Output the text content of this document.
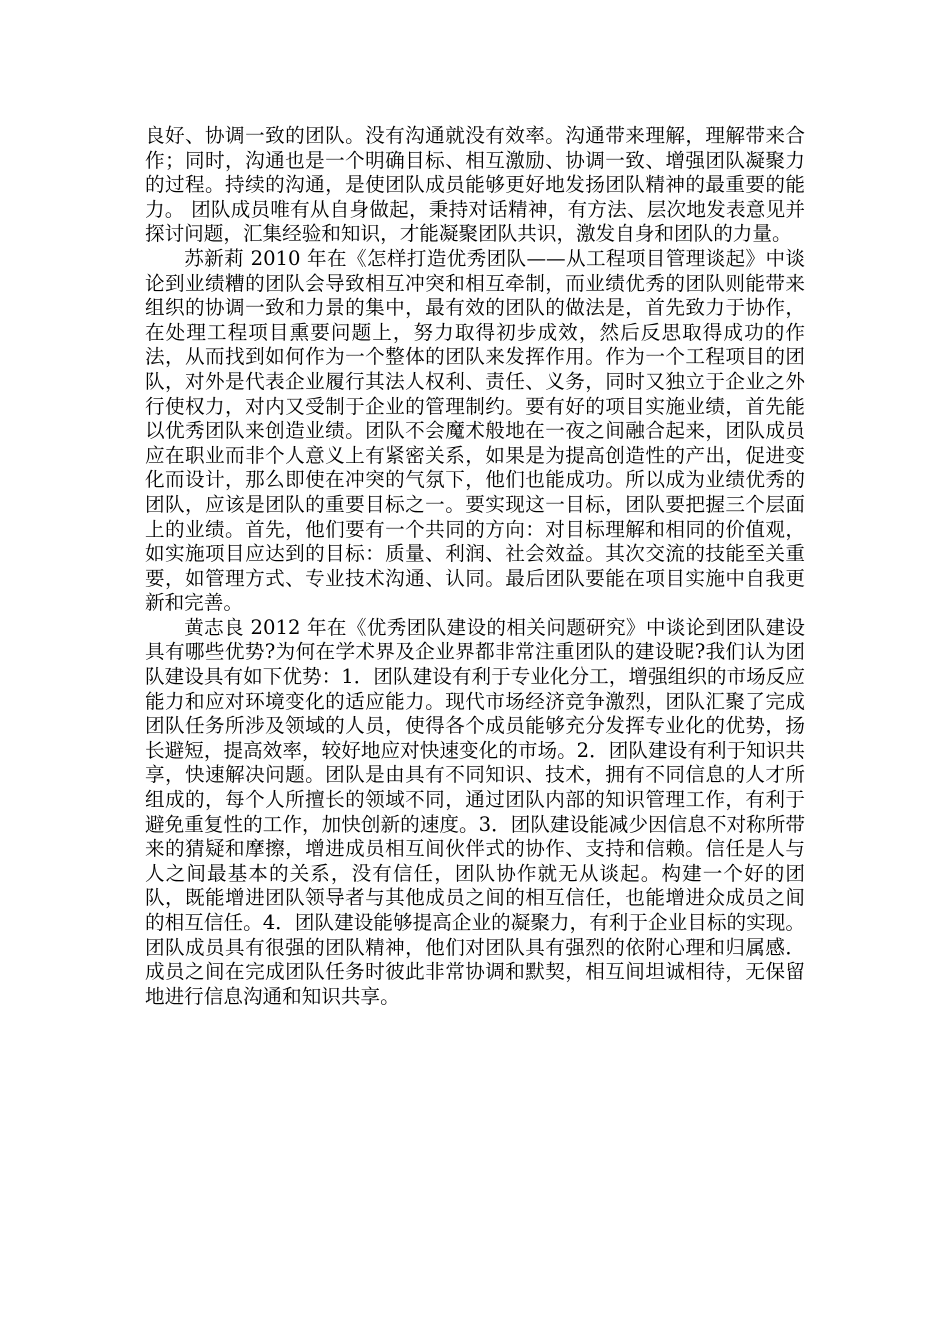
良好、协调一致的团队。没有沟通就没有效率。沟通带来理解，理解带来合作；同时，沟通也是一个明确目标、相互激励、协调一致、增强团队凝聚力的过程。持续的沟通，是使团队成员能够更好地发扬团队精神的最重要的能力。 团队成员唯有从自身做起，秉持对话精神，有方法、层次地发表意见并探讨问题，汇集经验和知识，才能凝聚团队共识，激发自身和团队的力量。

苏新莉 2010 年在《怎样打造优秀团队——从工程项目管理谈起》中谈论到业绩糟的团队会导致相互冲突和相互牵制，而业绩优秀的团队则能带来组织的协调一致和力景的集中，最有效的团队的做法是，首先致力于协作，在处理工程项目熏要问题上，努力取得初步成效，然后反思取得成功的作法，从而找到如何作为一个整体的团队来发挥作用。作为一个工程项目的团队，对外是代表企业履行其法人权利、责任、义务，同时又独立于企业之外行使权力，对内又受制于企业的管理制约。要有好的项目实施业绩，首先能以优秀团队来创造业绩。团队不会魔术般地在一夜之间融合起来，团队成员应在职业而非个人意义上有紧密关系，如果是为提高创造性的产出，促进变化而设计，那么即使在冲突的气氛下，他们也能成功。所以成为业绩优秀的团队，应该是团队的重要目标之一。要实现这一目标，团队要把握三个层面上的业绩。首先，他们要有一个共同的方向：对目标理解和相同的价值观，如实施项目应达到的目标：质量、利润、社会效益。其次交流的技能至关重要，如管理方式、专业技术沟通、认同。最后团队要能在项目实施中自我更新和完善。

黄志良 2012 年在《优秀团队建设的相关问题研究》中谈论到团队建设具有哪些优势?为何在学术界及企业界都非常注重团队的建设昵?我们认为团队建设具有如下优势：1．团队建设有利于专业化分工，增强组织的市场反应能力和应对环境变化的适应能力。现代市场经济竞争激烈，团队汇聚了完成团队任务所涉及领域的人员，使得各个成员能够充分发挥专业化的优势，扬长避短，提高效率，较好地应对快速变化的市场。2．团队建设有利于知识共享，快速解决问题。团队是由具有不同知识、技术，拥有不同信息的人才所组成的，每个人所擅长的领域不同，通过团队内部的知识管理工作，有利于避免重复性的工作，加快创新的速度。3．团队建设能减少因信息不对称所带来的猜疑和摩擦，增进成员相互间伙伴式的协作、支持和信赖。信任是人与人之间最基本的关系，没有信任，团队协作就无从谈起。构建一个好的团队，既能增进团队领导者与其他成员之间的相互信任，也能增进众成员之间的相互信任。4．团队建设能够提高企业的凝聚力，有利于企业目标的实现。团队成员具有很强的团队精神，他们对团队具有强烈的依附心理和归属感．成员之间在完成团队任务时彼此非常协调和默契，相互间坦诚相待，无保留地进行信息沟通和知识共享。
